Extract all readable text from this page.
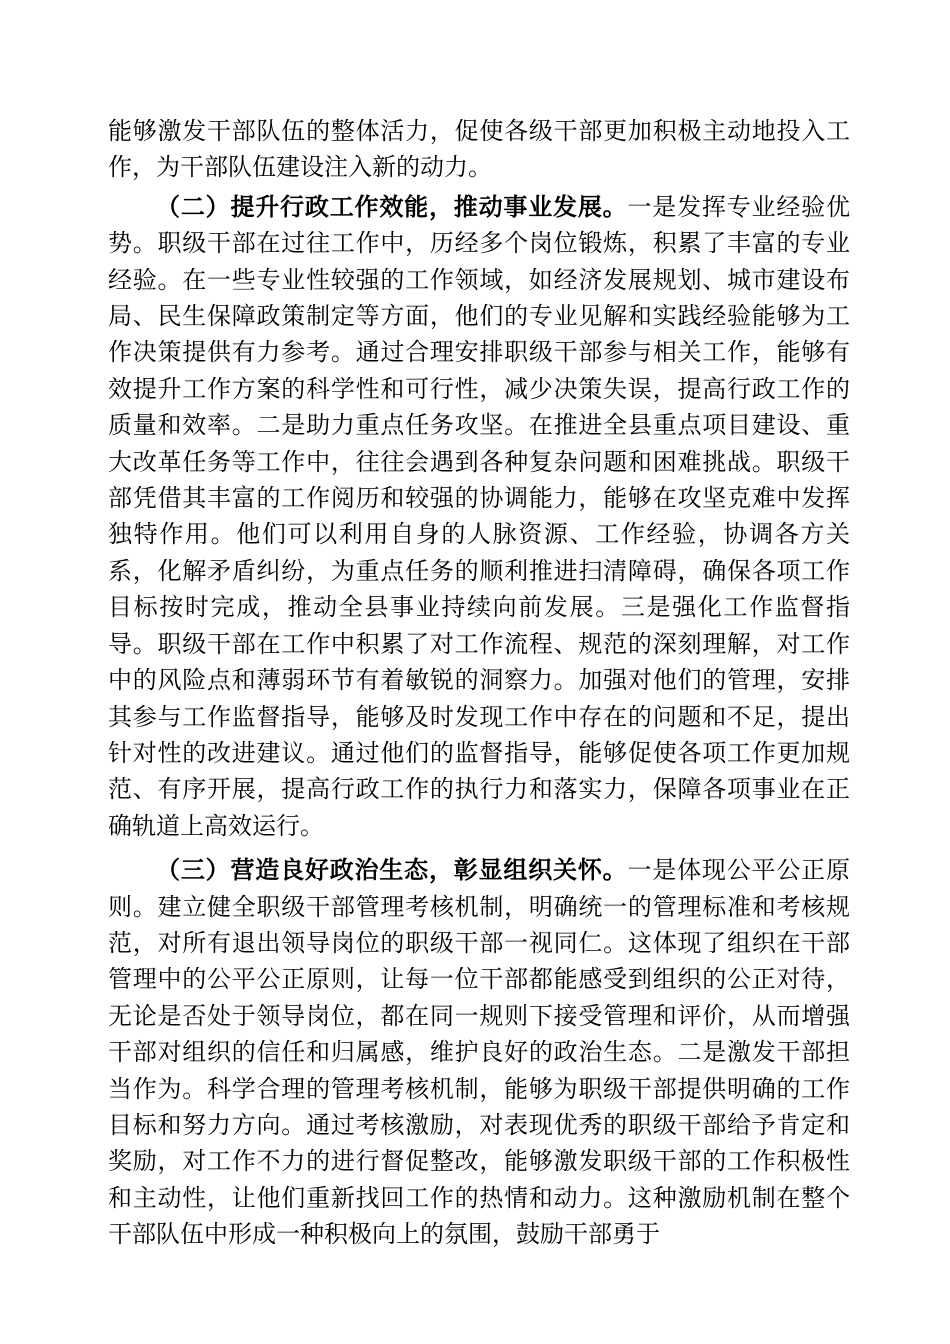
能够激发干部队伍的整体活力，促使各级干部更加积极主动地投入工作，为干部队伍建设注入新的动力。

（二）提升行政工作效能，推动事业发展。一是发挥专业经验优势。职级干部在过往工作中，历经多个岗位锻炼，积累了丰富的专业经验。在一些专业性较强的工作领域，如经济发展规划、城市建设布局、民生保障政策制定等方面，他们的专业见解和实践经验能够为工作决策提供有力参考。通过合理安排职级干部参与相关工作，能够有效提升工作方案的科学性和可行性，减少决策失误，提高行政工作的质量和效率。二是助力重点任务攻坚。在推进全县重点项目建设、重大改革任务等工作中，往往会遇到各种复杂问题和困难挑战。职级干部凭借其丰富的工作阅历和较强的协调能力，能够在攻坚克难中发挥独特作用。他们可以利用自身的人脉资源、工作经验，协调各方关系，化解矛盾纠纷，为重点任务的顺利推进扫清障碍，确保各项工作目标按时完成，推动全县事业持续向前发展。三是强化工作监督指导。职级干部在工作中积累了对工作流程、规范的深刻理解，对工作中的风险点和薄弱环节有着敏锐的洞察力。加强对他们的管理，安排其参与工作监督指导，能够及时发现工作中存在的问题和不足，提出针对性的改进建议。通过他们的监督指导，能够促使各项工作更加规范、有序开展，提高行政工作的执行力和落实力，保障各项事业在正确轨道上高效运行。

（三）营造良好政治生态，彰显组织关怀。一是体现公平公正原则。建立健全职级干部管理考核机制，明确统一的管理标准和考核规范，对所有退出领导岗位的职级干部一视同仁。这体现了组织在干部管理中的公平公正原则，让每一位干部都能感受到组织的公正对待，无论是否处于领导岗位，都在同一规则下接受管理和评价，从而增强干部对组织的信任和归属感，维护良好的政治生态。二是激发干部担当作为。科学合理的管理考核机制，能够为职级干部提供明确的工作目标和努力方向。通过考核激励，对表现优秀的职级干部给予肯定和奖励，对工作不力的进行督促整改，能够激发职级干部的工作积极性和主动性，让他们重新找回工作的热情和动力。这种激励机制在整个干部队伍中形成一种积极向上的氛围，鼓励干部勇于
